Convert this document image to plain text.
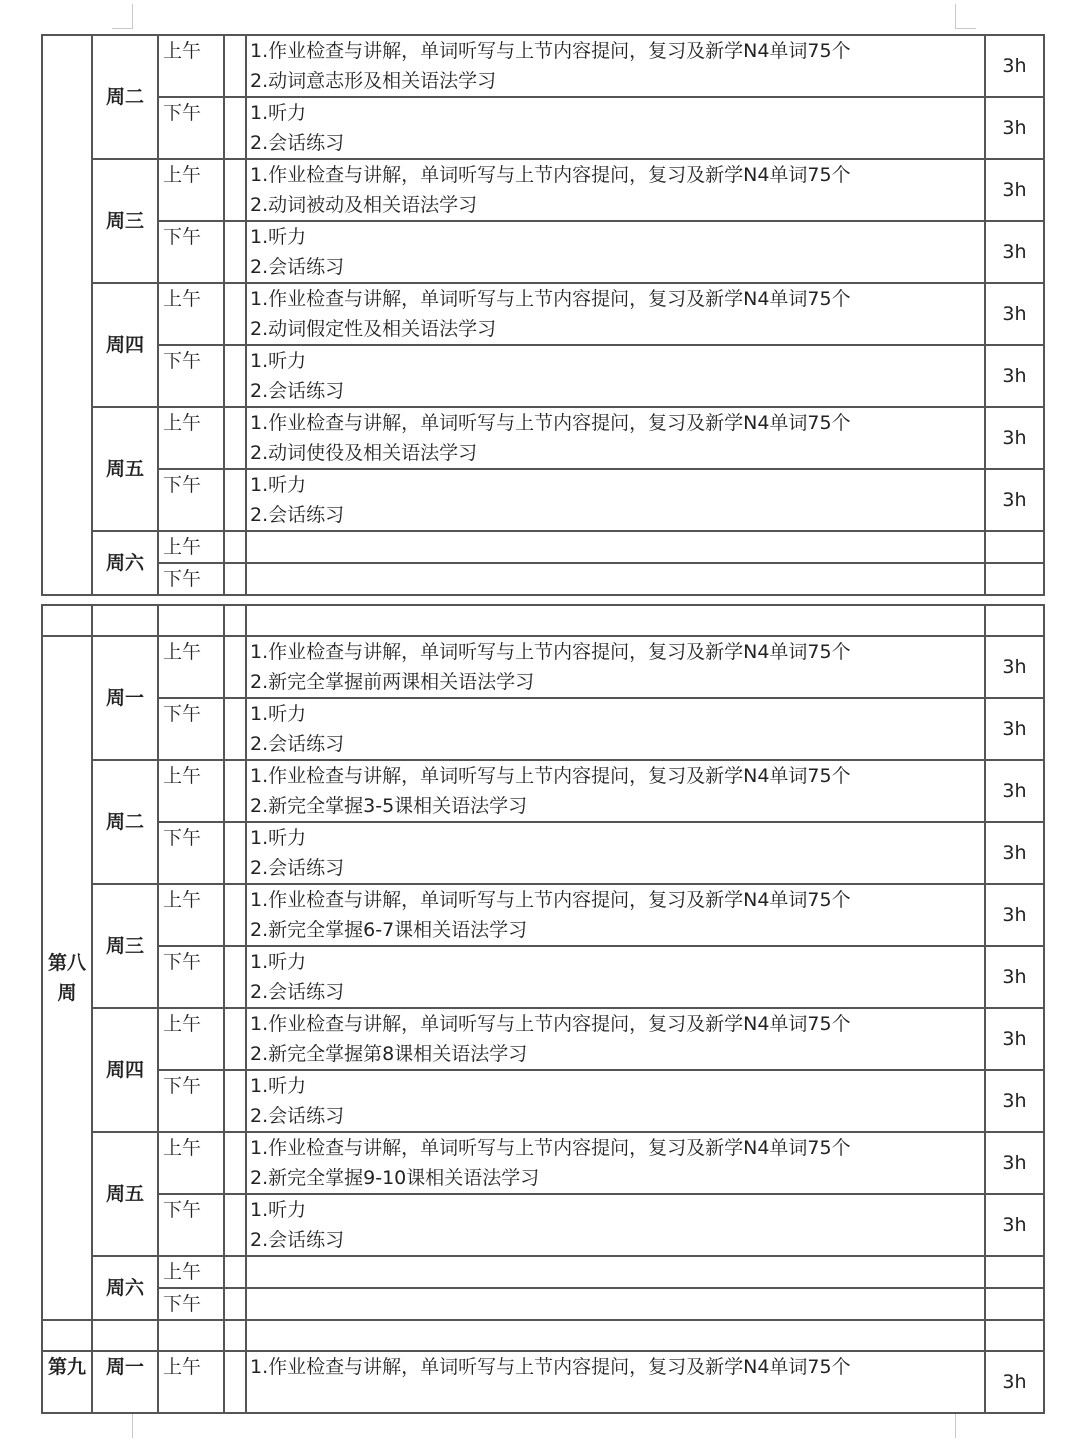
	周二	上午		1.作业检查与讲解，单词听写与上节内容提问，复习及新学N4单词75个
2.动词意志形及相关语法学习	3h
		下午		1.听力
2.会话练习	3h
	周三	上午		1.作业检查与讲解，单词听写与上节内容提问，复习及新学N4单词75个
2.动词被动及相关语法学习	3h
		下午		1.听力
2.会话练习	3h
	周四	上午		1.作业检查与讲解，单词听写与上节内容提问，复习及新学N4单词75个
2.动词假定性及相关语法学习	3h
		下午		1.听力
2.会话练习	3h
	周五	上午		1.作业检查与讲解，单词听写与上节内容提问，复习及新学N4单词75个
2.动词使役及相关语法学习	3h
		下午		1.听力
2.会话练习	3h
	周六	上午			
		下午			

第八周	周一	上午		1.作业检查与讲解，单词听写与上节内容提问，复习及新学N4单词75个
2.新完全掌握前两课相关语法学习	3h
		下午		1.听力
2.会话练习	3h
	周二	上午		1.作业检查与讲解，单词听写与上节内容提问，复习及新学N4单词75个
2.新完全掌握3-5课相关语法学习	3h
		下午		1.听力
2.会话练习	3h
	周三	上午		1.作业检查与讲解，单词听写与上节内容提问，复习及新学N4单词75个
2.新完全掌握6-7课相关语法学习	3h
		下午		1.听力
2.会话练习	3h
	周四	上午		1.作业检查与讲解，单词听写与上节内容提问，复习及新学N4单词75个
2.新完全掌握第8课相关语法学习	3h
		下午		1.听力
2.会话练习	3h
	周五	上午		1.作业检查与讲解，单词听写与上节内容提问，复习及新学N4单词75个
2.新完全掌握9-10课相关语法学习	3h
		下午		1.听力
2.会话练习	3h
	周六	上午			
		下午			

第九	周一	上午		1.作业检查与讲解，单词听写与上节内容提问，复习及新学N4单词75个	3h
